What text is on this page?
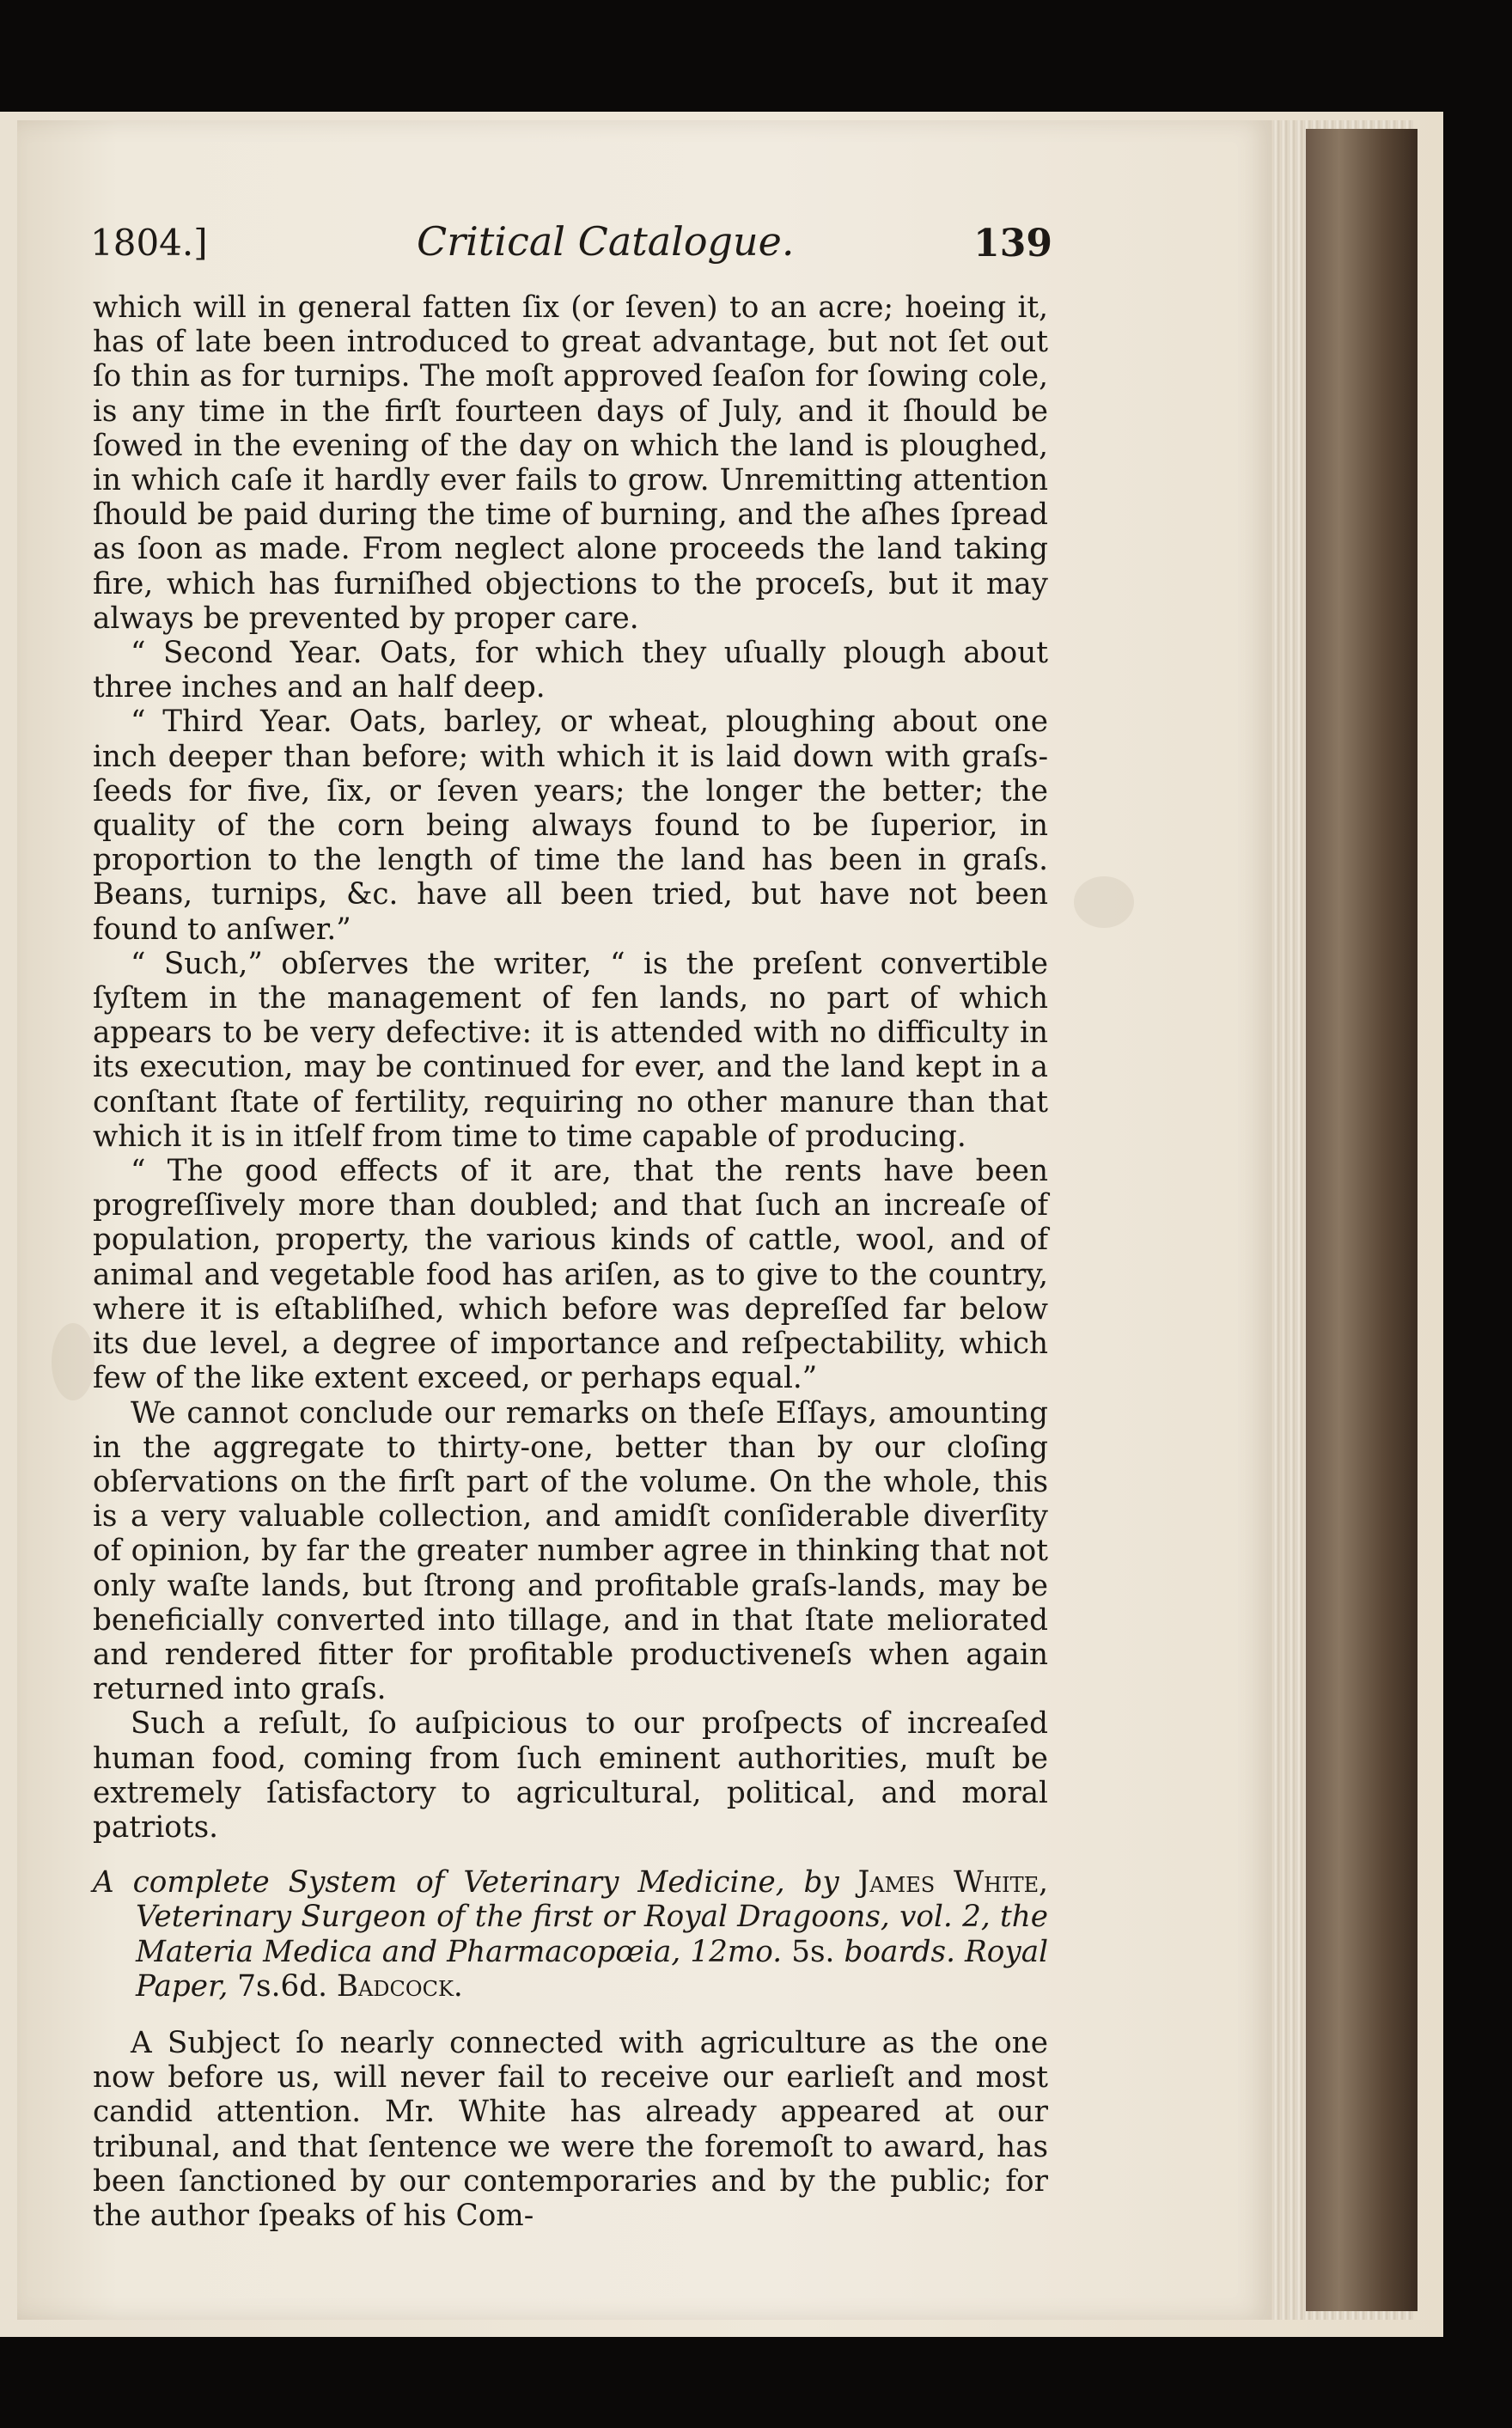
1804.]	Critical Catalogue.	139

which will in general fatten ſix (or ſeven) to an acre; hoeing it, has of late been introduced to great advantage, but not ſet out ſo thin as for turnips. The moſt approved ſeaſon for ſowing cole, is any time in the firſt fourteen days of July, and it ſhould be ſowed in the evening of the day on which the land is ploughed, in which caſe it hardly ever fails to grow. Unremitting attention ſhould be paid during the time of burning, and the aſhes ſpread as ſoon as made. From neglect alone proceeds the land taking fire, which has furniſhed objections to the proceſs, but it may always be prevented by proper care.

“ Second Year. Oats, for which they uſually plough about three inches and an half deep.

“ Third Year. Oats, barley, or wheat, ploughing about one inch deeper than before; with which it is laid down with graſs-ſeeds for five, ſix, or ſeven years; the longer the better; the quality of the corn being always found to be ſuperior, in proportion to the length of time the land has been in graſs. Beans, turnips, &c. have all been tried, but have not been found to anſwer.”

“ Such,” obſerves the writer, “ is the preſent convertible ſyſtem in the management of fen lands, no part of which appears to be very defective: it is attended with no difficulty in its execution, may be continued for ever, and the land kept in a conſtant ſtate of fertility, requiring no other manure than that which it is in itſelf from time to time capable of producing.

“ The good effects of it are, that the rents have been progreſſively more than doubled; and that ſuch an increaſe of population, property, the various kinds of cattle, wool, and of animal and vegetable food has ariſen, as to give to the country, where it is eſtabliſhed, which before was depreſſed far below its due level, a degree of importance and reſpectability, which few of the like extent exceed, or perhaps equal.”

We cannot conclude our remarks on theſe Eſſays, amounting in the aggregate to thirty-one, better than by our cloſing obſervations on the firſt part of the volume. On the whole, this is a very valuable collection, and amidſt conſiderable diverſity of opinion, by far the greater number agree in thinking that not only waſte lands, but ſtrong and profitable graſs-lands, may be beneficially converted into tillage, and in that ſtate meliorated and rendered fitter for profitable productiveneſs when again returned into graſs.

Such a reſult, ſo auſpicious to our proſpects of increaſed human food, coming from ſuch eminent authorities, muſt be extremely ſatisfactory to agricultural, political, and moral patriots.

A complete System of Veterinary Medicine, by James White, Veterinary Surgeon of the first or Royal Dragoons, vol. 2, the Materia Medica and Pharmacopœia, 12mo. 5s. boards. Royal Paper, 7s.6d. Badcock.

A Subject ſo nearly connected with agriculture as the one now before us, will never fail to receive our earlieſt and most candid attention. Mr. White has already appeared at our tribunal, and that ſentence we were the foremoſt to award, has been ſanctioned by our contemporaries and by the public; for the author ſpeaks of his Com-
